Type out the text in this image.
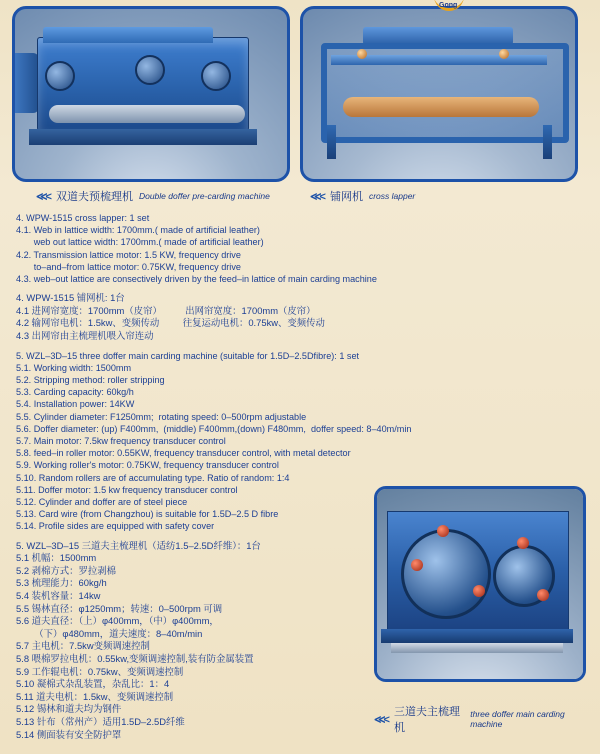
Gong
≪< 双道夫预梳理机 Double doffer pre-carding machine	≪< 铺网机 cross lapper

4. WPW-1515 cross lapper: 1 set

4.1. Web in lattice width: 1700mm.( made of artificial leather)

web out lattice width: 1700mm.( made of artificial leather)

4.2. Transmission lattice motor: 1.5 KW, frequency drive

to–and–from lattice motor: 0.75KW, frequency drive

4.3. web–out lattice are consectively driven by the feed–in lattice of main carding machine

4. WPW-1515 铺网机: 1台

4.1 进网帘宽度：1700mm（皮帘）         出网帘宽度：1700mm（皮帘）

4.2 输网帘电机：1.5kw、变频传动         往复运动电机：0.75kw、变频传动

4.3 出网帘由主梳理机喂入帘连动

5. WZL–3D–15 three doffer main carding machine (suitable for 1.5D–2.5Dfibre): 1 set

5.1. Working width: 1500mm

5.2. Stripping method: roller stripping

5.3. Carding capacity: 60kg/h

5.4. Installation power: 14KW

5.5. Cylinder diameter: F1250mm;  rotating speed: 0–500rpm adjustable

5.6. Doffer diameter: (up) F400mm,  (middle) F400mm,(down) F480mm,  doffer speed: 8–40m/min

5.7. Main motor: 7.5kw frequency transducer control

5.8. feed–in roller motor: 0.55KW, frequency transducer control, with metal detector

5.9. Working roller's motor: 0.75KW, frequency transducer control

5.10. Random rollers are of accumulating type. Ratio of random: 1:4

5.11. Doffer motor: 1.5 kw frequency transducer control

5.12. Cylinder and doffer are of steel piece

5.13. Card wire (from Changzhou) is suitable for 1.5D–2.5 D fibre

5.14. Profile sides are equipped with safety cover

5. WZL–3D–15 三道夫主梳理机（适纺1.5–2.5D纤维）：1台

5.1 机幅：1500mm

5.2 剥棉方式：罗拉剥棉

5.3 梳理能力：60kg/h

5.4 装机容量：14kw

5.5 锡林直径：φ1250mm；转速：0–500rpm 可调

5.6 道夫直径：（上）φ400mm，（中）φ400mm，

（下）φ480mm，道夫速度：8–40m/min

5.7 主电机：7.5kw变频调速控制

5.8 喂棉罗拉电机：0.55kw,变频调速控制,装有防金属装置

5.9 工作辊电机：0.75kw、变频调速控制

5.10 凝棉式杂乱装置，杂乱比：1：4

5.11 道夫电机：1.5kw、变频调速控制

5.12 锡林和道夫均为钢件

5.13 针布（常州产）适用1.5D–2.5D纤维

5.14 侧面装有安全防护罩

≪<
三道夫主梳理机
three doffer main carding machine
